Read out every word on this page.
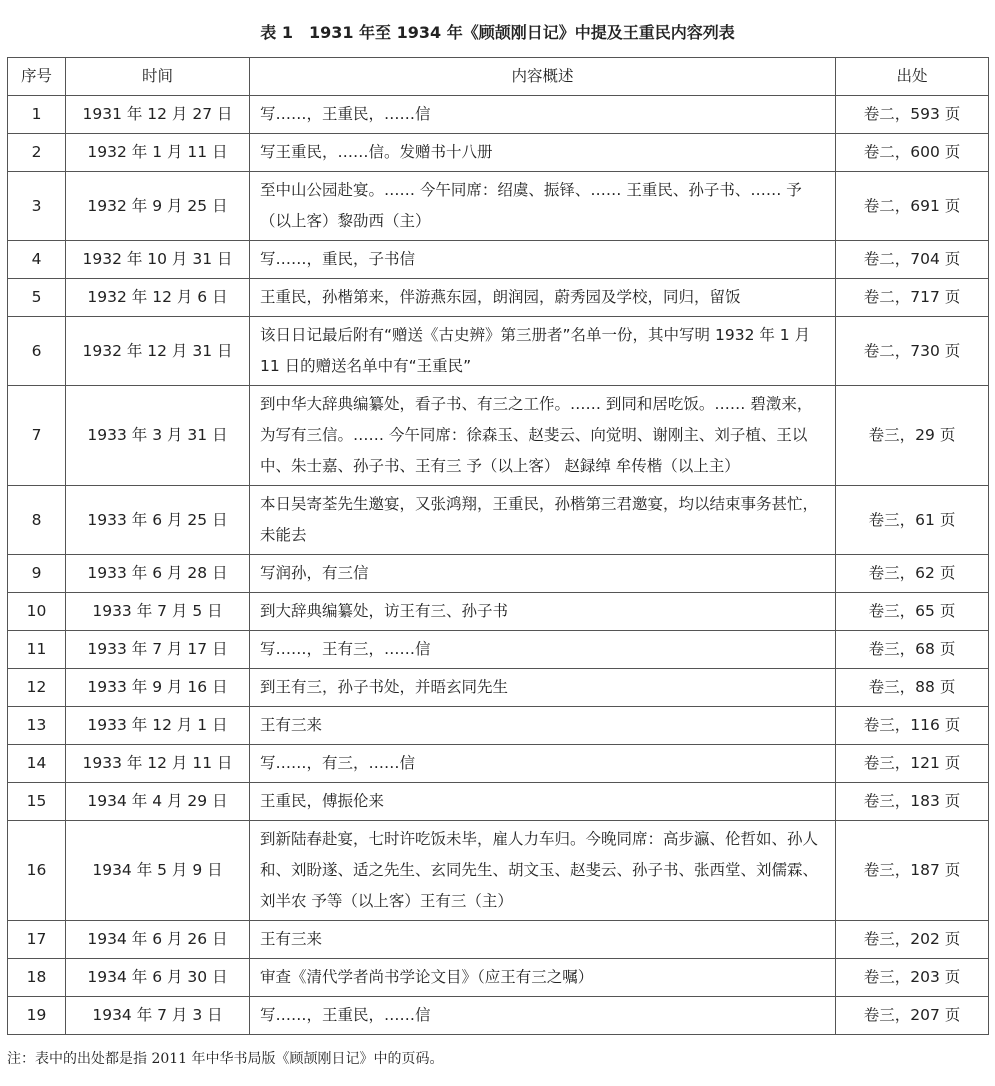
表 1　1931 年至 1934 年《顾颉刚日记》中提及王重民内容列表
序号	时间	内容概述	出处
1	1931 年 12 月 27 日	写……，王重民，……信	卷二，593 页
2	1932 年 1 月 11 日	写王重民，……信。发赠书十八册	卷二，600 页
3	1932 年 9 月 25 日	至中山公园赴宴。…… 今午同席：绍虞、振铎、…… 王重民、孙子书、…… 予（以上客）黎劭西（主）	卷二，691 页
4	1932 年 10 月 31 日	写……，重民，子书信	卷二，704 页
5	1932 年 12 月 6 日	王重民，孙楷第来，伴游燕东园，朗润园，蔚秀园及学校，同归，留饭	卷二，717 页
6	1932 年 12 月 31 日	该日日记最后附有“赠送《古史辨》第三册者”名单一份，其中写明 1932 年 1 月 11 日的赠送名单中有“王重民”	卷二，730 页
7	1933 年 3 月 31 日	到中华大辞典编纂处，看子书、有三之工作。…… 到同和居吃饭。…… 碧澂来，为写有三信。…… 今午同席：徐森玉、赵斐云、向觉明、谢刚主、刘子植、王以中、朱士嘉、孙子书、王有三 予（以上客） 赵録绰 牟传楷（以上主）	卷三，29 页
8	1933 年 6 月 25 日	本日吴寄荃先生邀宴，又张鸿翔，王重民，孙楷第三君邀宴，均以结束事务甚忙，未能去	卷三，61 页
9	1933 年 6 月 28 日	写润孙，有三信	卷三，62 页
10	1933 年 7 月 5 日	到大辞典编纂处，访王有三、孙子书	卷三，65 页
11	1933 年 7 月 17 日	写……，王有三，……信	卷三，68 页
12	1933 年 9 月 16 日	到王有三，孙子书处，并晤玄同先生	卷三，88 页
13	1933 年 12 月 1 日	王有三来	卷三，116 页
14	1933 年 12 月 11 日	写……，有三，……信	卷三，121 页
15	1934 年 4 月 29 日	王重民，傅振伦来	卷三，183 页
16	1934 年 5 月 9 日	到新陆春赴宴，七时许吃饭未毕，雇人力车归。今晚同席：高步瀛、伦哲如、孙人和、刘盼遂、适之先生、玄同先生、胡文玉、赵斐云、孙子书、张西堂、刘儒霖、刘半农 予等（以上客）王有三（主）	卷三，187 页
17	1934 年 6 月 26 日	王有三来	卷三，202 页
18	1934 年 6 月 30 日	审查《清代学者尚书学论文目》（应王有三之嘱）	卷三，203 页
19	1934 年 7 月 3 日	写……，王重民，……信	卷三，207 页
注：表中的出处都是指 2011 年中华书局版《顾颉刚日记》中的页码。
